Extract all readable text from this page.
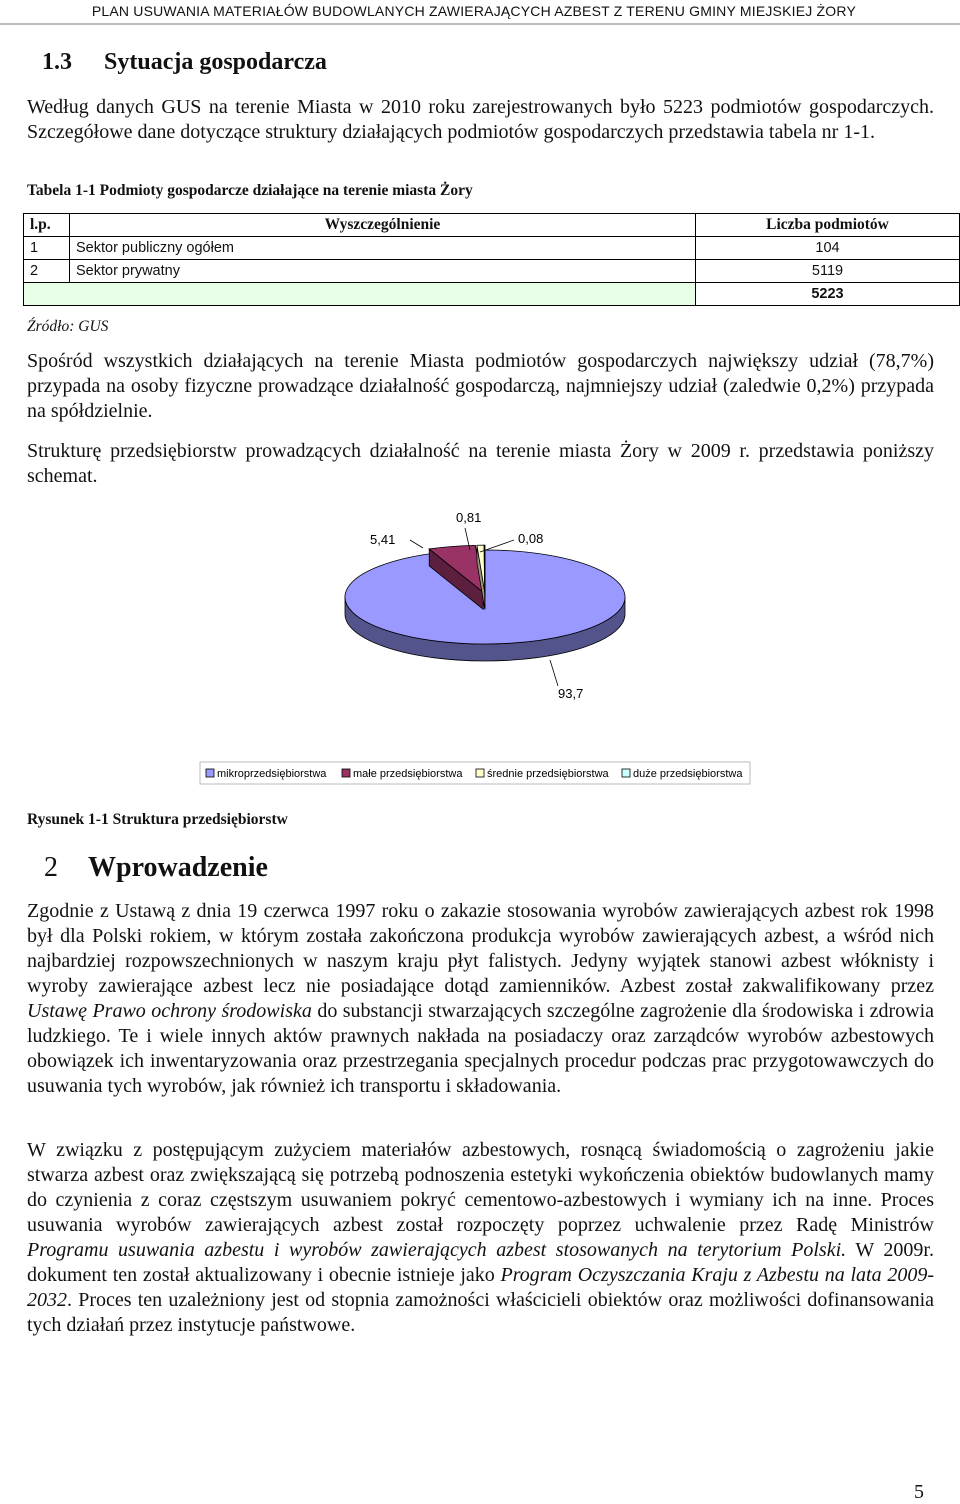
PLAN USUWANIA MATERIAŁÓW BUDOWLANYCH ZAWIERAJĄCYCH AZBEST Z TERENU GMINY MIEJSKIEJ ŻORY
1.3 Sytuacja gospodarcza

Według danych GUS na terenie Miasta w 2010 roku zarejestrowanych było 5223 podmiotów gospodarczych. Szczegółowe dane dotyczące struktury działających podmiotów gospodarczych przedstawia tabela nr 1-1.

Tabela 1-1 Podmioty gospodarcze działające na terenie miasta Żory
l.p.	Wyszczególnienie	Liczba podmiotów
1	Sektor publiczny ogółem	104
2	Sektor prywatny	5119
		5223
Źródło: GUS

Spośród wszystkich działających na terenie Miasta podmiotów gospodarczych największy udział (78,7%) przypada na osoby fizyczne prowadzące działalność gospodarczą, najmniejszy udział (zaledwie 0,2%) przypada na spółdzielnie.

Strukturę przedsiębiorstw prowadzących działalność na terenie miasta Żory w 2009 r. przedstawia poniższy schemat.

93,7
5,41
0,81
0,08
mikroprzedsiębiorstwa małe przedsiębiorstwa średnie przedsiębiorstwa duże przedsiębiorstwa
Rysunek 1-1 Struktura przedsiębiorstw
2 Wprowadzenie

Zgodnie z Ustawą z dnia 19 czerwca 1997 roku o zakazie stosowania wyrobów zawierających azbest rok 1998 był dla Polski rokiem, w którym została zakończona produkcja wyrobów zawierających azbest, a wśród nich najbardziej rozpowszechnionych w naszym kraju płyt falistych. Jedyny wyjątek stanowi azbest włóknisty i wyroby zawierające azbest lecz nie posiadające dotąd zamienników. Azbest został zakwalifikowany przez Ustawę Prawo ochrony środowiska do substancji stwarzających szczególne zagrożenie dla środowiska i zdrowia ludzkiego. Te i wiele innych aktów prawnych nakłada na posiadaczy oraz zarządców wyrobów azbestowych obowiązek ich inwentaryzowania oraz przestrzegania specjalnych procedur podczas prac przygotowawczych do usuwania tych wyrobów, jak również ich transportu i składowania.

W związku z postępującym zużyciem materiałów azbestowych, rosnącą świadomością o zagrożeniu jakie stwarza azbest oraz zwiększającą się potrzebą podnoszenia estetyki wykończenia obiektów budowlanych mamy do czynienia z coraz częstszym usuwaniem pokryć cementowo-azbestowych i wymiany ich na inne. Proces usuwania wyrobów zawierających azbest został rozpoczęty poprzez uchwalenie przez Radę Ministrów Programu usuwania azbestu i wyrobów zawierających azbest stosowanych na terytorium Polski. W 2009r. dokument ten został aktualizowany i obecnie istnieje jako Program Oczyszczania Kraju z Azbestu na lata 2009-2032. Proces ten uzależniony jest od stopnia zamożności właścicieli obiektów oraz możliwości dofinansowania tych działań przez instytucje państwowe.

5
